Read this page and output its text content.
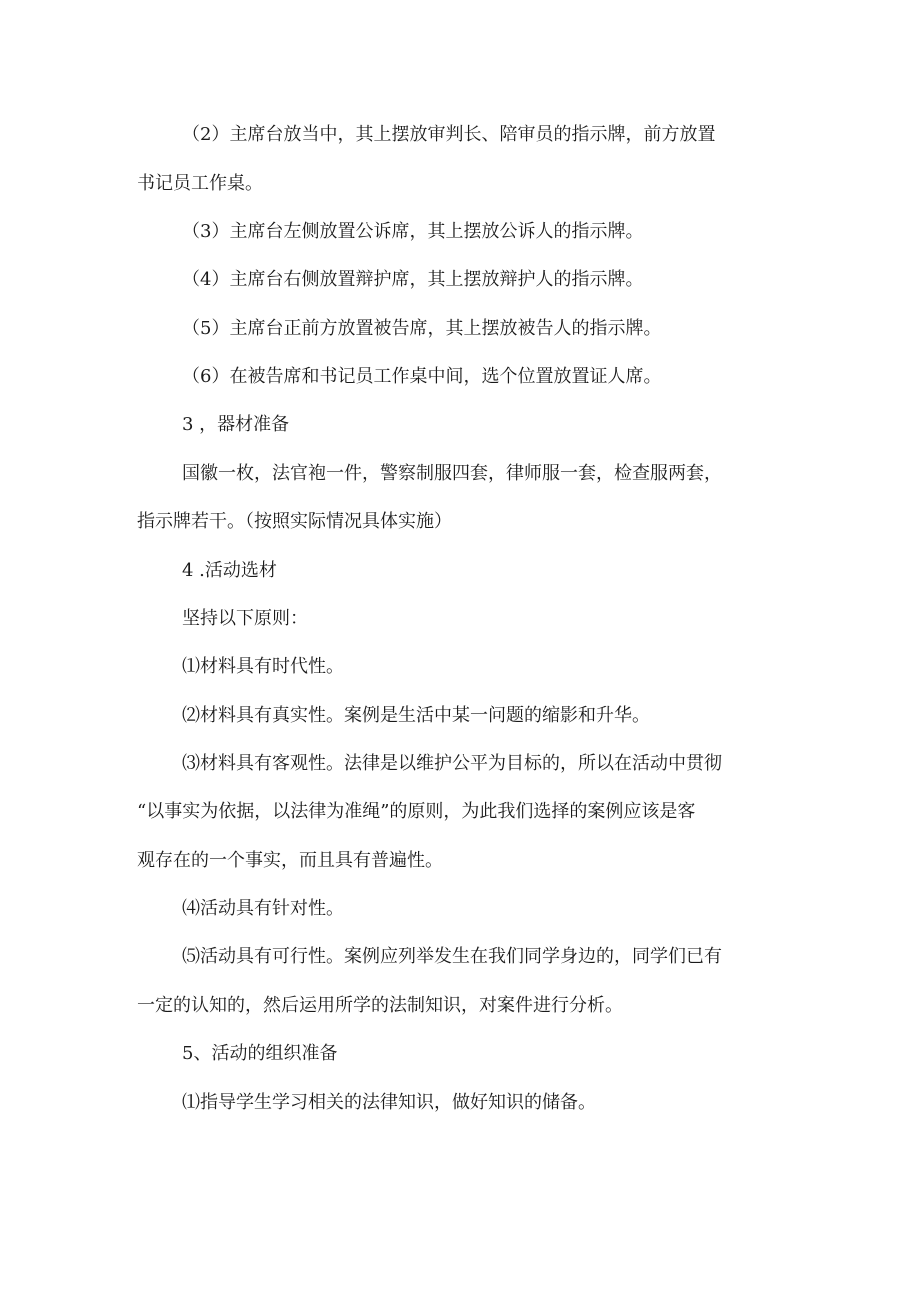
（2）主席台放当中，其上摆放审判长、陪审员的指示牌，前方放置

书记员工作桌。

（3）主席台左侧放置公诉席，其上摆放公诉人的指示牌。

（4）主席台右侧放置辩护席，其上摆放辩护人的指示牌。

（5）主席台正前方放置被告席，其上摆放被告人的指示牌。

（6）在被告席和书记员工作桌中间，选个位置放置证人席。

3 ，器材准备

国徽一枚，法官袍一件，警察制服四套，律师服一套，检查服两套，

指示牌若干。（按照实际情况具体实施）

4 .活动选材

坚持以下原则：

⑴材料具有时代性。

⑵材料具有真实性。案例是生活中某一问题的缩影和升华。

⑶材料具有客观性。法律是以维护公平为目标的，所以在活动中贯彻

“以事实为依据，以法律为准绳”的原则，为此我们选择的案例应该是客

观存在的一个事实，而且具有普遍性。

⑷活动具有针对性。

⑸活动具有可行性。案例应列举发生在我们同学身边的，同学们已有

一定的认知的，然后运用所学的法制知识，对案件进行分析。

5、活动的组织准备

⑴指导学生学习相关的法律知识，做好知识的储备。
